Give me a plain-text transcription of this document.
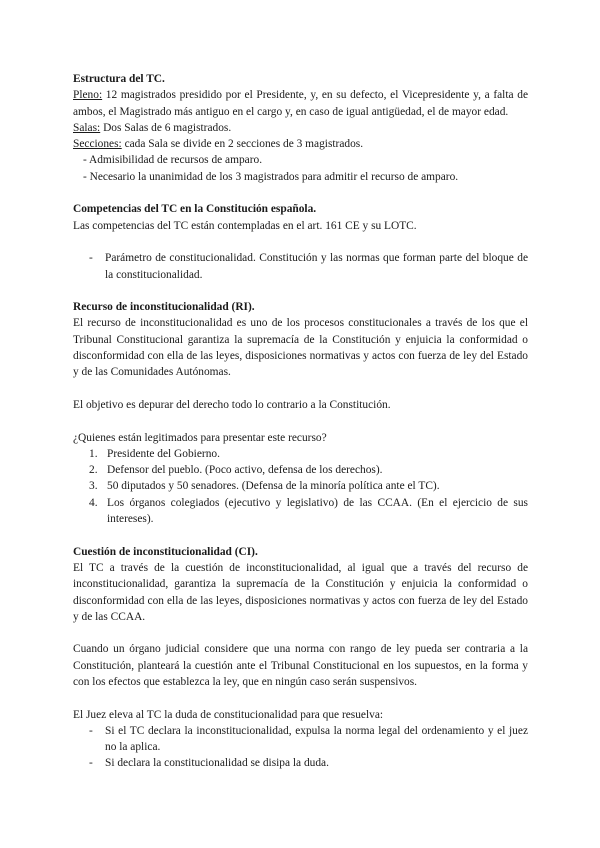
Estructura del TC.

Pleno: 12 magistrados presidido por el Presidente, y, en su defecto, el Vicepresidente y, a falta de ambos, el Magistrado más antiguo en el cargo y, en caso de igual antigüedad, el de mayor edad.

Salas: Dos Salas de 6 magistrados.

Secciones: cada Sala se divide en 2 secciones de 3 magistrados.

- Admisibilidad de recursos de amparo.

- Necesario la unanimidad de los 3 magistrados para admitir el recurso de amparo.

Competencias del TC en la Constitución española.

Las competencias del TC están contempladas en el art. 161 CE y su LOTC.

- Parámetro de constitucionalidad. Constitución y las normas que forman parte del bloque de la constitucionalidad.

Recurso de inconstitucionalidad (RI).

El recurso de inconstitucionalidad es uno de los procesos constitucionales a través de los que el Tribunal Constitucional garantiza la supremacía de la Constitución y enjuicia la conformidad o disconformidad con ella de las leyes, disposiciones normativas y actos con fuerza de ley del Estado y de las Comunidades Autónomas.

El objetivo es depurar del derecho todo lo contrario a la Constitución.

¿Quienes están legitimados para presentar este recurso?

1. Presidente del Gobierno.
2. Defensor del pueblo. (Poco activo, defensa de los derechos).
3. 50 diputados y 50 senadores. (Defensa de la minoría política ante el TC).
4. Los órganos colegiados (ejecutivo y legislativo) de las CCAA. (En el ejercicio de sus intereses).

Cuestión de inconstitucionalidad (CI).

El TC a través de la cuestión de inconstitucionalidad, al igual que a través del recurso de inconstitucionalidad, garantiza la supremacía de la Constitución y enjuicia la conformidad o disconformidad con ella de las leyes, disposiciones normativas y actos con fuerza de ley del Estado y de las CCAA.

Cuando un órgano judicial considere que una norma con rango de ley pueda ser contraria a la Constitución, planteará la cuestión ante el Tribunal Constitucional en los supuestos, en la forma y con los efectos que establezca la ley, que en ningún caso serán suspensivos.

El Juez eleva al TC la duda de constitucionalidad para que resuelva:

- Si el TC declara la inconstitucionalidad, expulsa la norma legal del ordenamiento y el juez no la aplica.
- Si declara la constitucionalidad se disipa la duda.
